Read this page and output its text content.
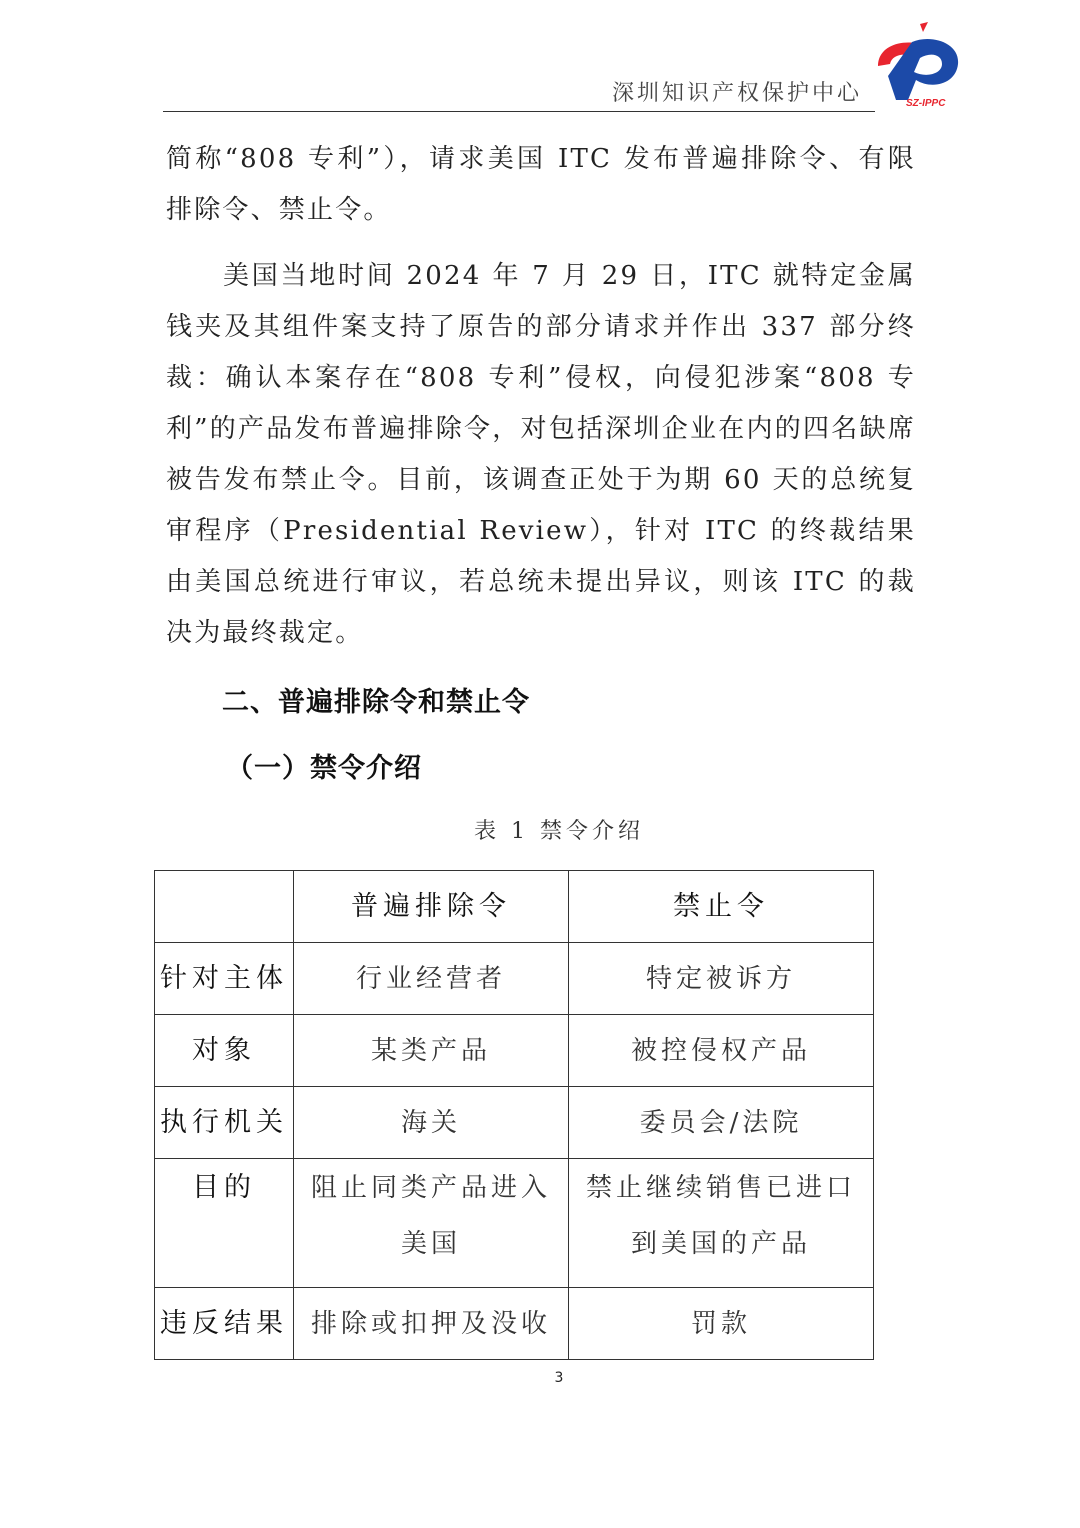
深圳知识产权保护中心	SZ-IPPC

简称“808 专利”），请求美国 ITC 发布普遍排除令、有限排除令、禁止令。

美国当地时间 2024 年 7 月 29 日，ITC 就特定金属钱夹及其组件案支持了原告的部分请求并作出 337 部分终裁：确认本案存在“808 专利”侵权，向侵犯涉案“808 专利”的产品发布普遍排除令，对包括深圳企业在内的四名缺席被告发布禁止令。目前，该调查正处于为期 60 天的总统复审程序（Presidential Review），针对 ITC 的终裁结果由美国总统进行审议，若总统未提出异议，则该 ITC 的裁决为最终裁定。

二、普遍排除令和禁止令
（一）禁令介绍
表 1 禁令介绍
	普遍排除令	禁止令
针对主体	行业经营者	特定被诉方
对象	某类产品	被控侵权产品
执行机关	海关	委员会/法院
目的	阻止同类产品进入美国	禁止继续销售已进口到美国的产品
违反结果	排除或扣押及没收	罚款
3
